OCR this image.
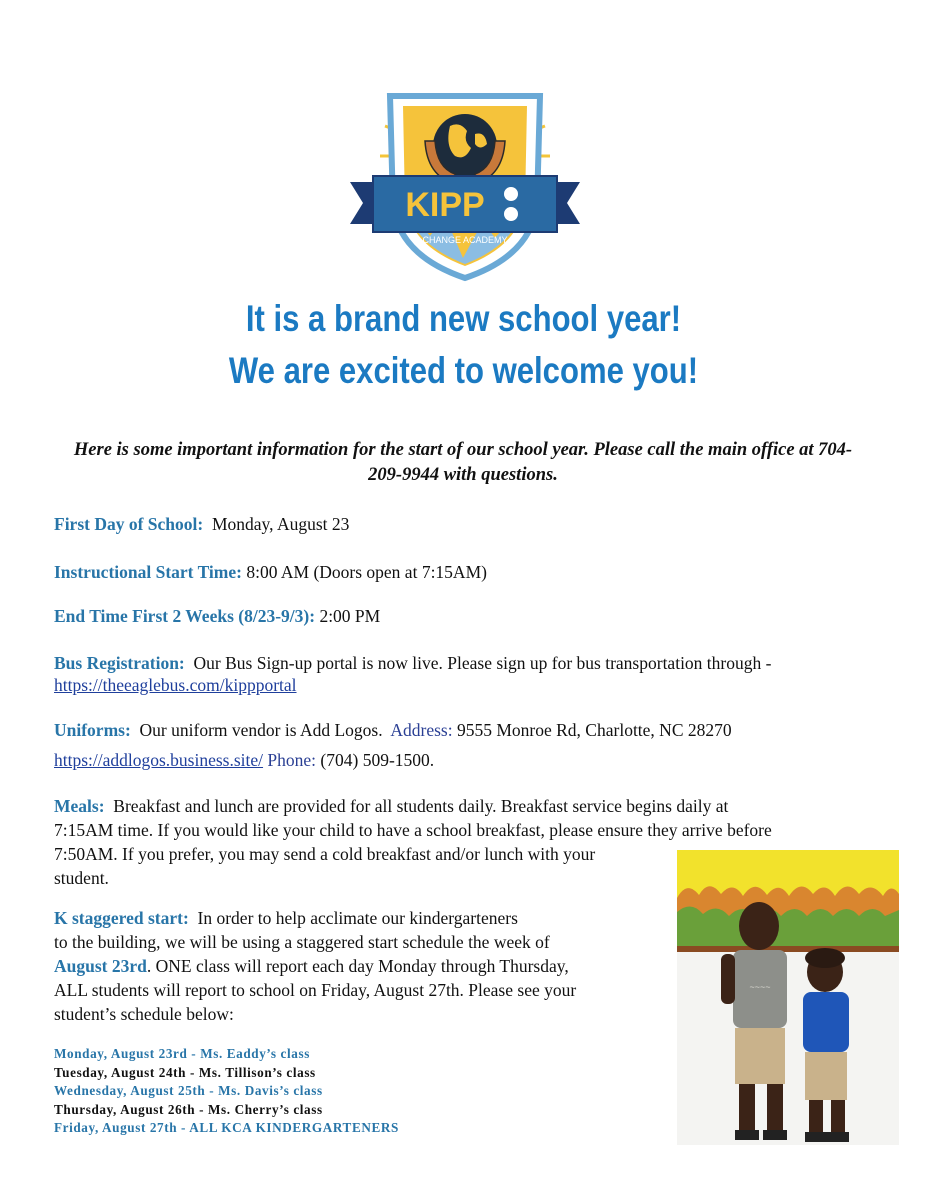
KIPP
CHANGE ACADEMY
It is a brand new school year!
We are excited to welcome you!
Here is some important information for the start of our school year. Please call the main office at 704-209-9944 with questions.
First Day of School: Monday, August 23
Instructional Start Time: 8:00 AM (Doors open at 7:15AM)
End Time First 2 Weeks (8/23-9/3): 2:00 PM
Bus Registration: Our Bus Sign-up portal is now live. Please sign up for bus transportation through -
https://theeaglebus.com/kippportal
Uniforms: Our uniform vendor is Add Logos. Address: 9555 Monroe Rd, Charlotte, NC 28270
https://addlogos.business.site/ Phone: (704) 509-1500.
Meals: Breakfast and lunch are provided for all students daily. Breakfast service begins daily at
7:15AM time. If you would like your child to have a school breakfast, please ensure they arrive before
7:50AM. If you prefer, you may send a cold breakfast and/or lunch with your
student.
K staggered start: In order to help acclimate our kindergarteners
to the building, we will be using a staggered start schedule the week of
August 23rd. ONE class will report each day Monday through Thursday,
ALL students will report to school on Friday, August 27th. Please see your
student’s schedule below:
Monday, August 23rd - Ms. Eaddy’s class
Tuesday, August 24th - Ms. Tillison’s class
Wednesday, August 25th - Ms. Davis’s class
Thursday, August 26th - Ms. Cherry’s class
Friday, August 27th - ALL KCA KINDERGARTENERS
~~~~
